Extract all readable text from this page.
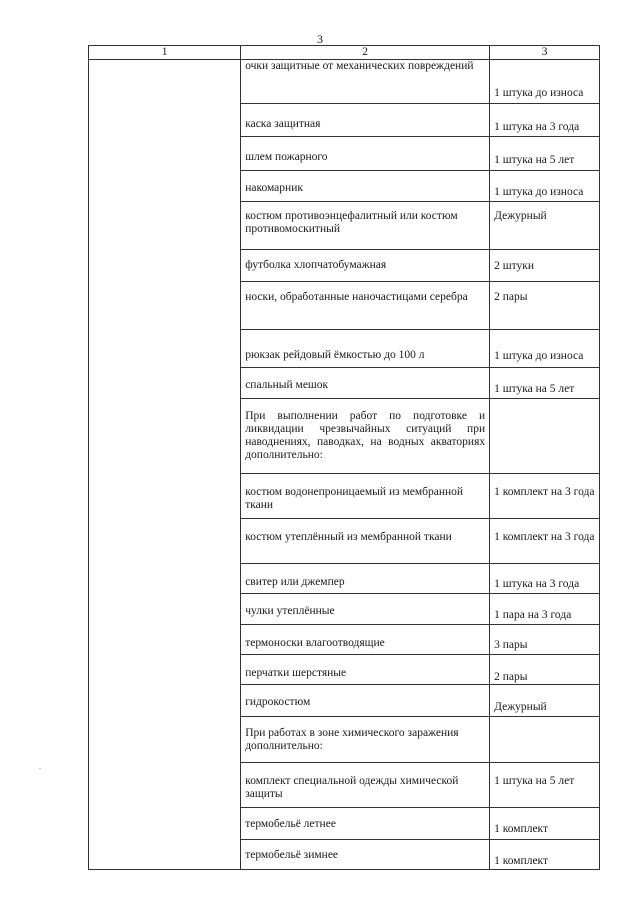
3
1	2	3
	очки защитные от механических повреждений	1 штука до износа
	каска защитная	1 штука на 3 года
	шлем пожарного	1 штука на 5 лет
	накомарник	1 штука до износа
	костюм противоэнцефалитный или костюм противомоскитный	Дежурный
	футболка хлопчатобумажная	2 штуки
	носки, обработанные наночастицами серебра	2 пары
	рюкзак рейдовый ёмкостью до 100 л	1 штука до износа
	спальный мешок	1 штука на 5 лет
	При выполнении работ по подготовке и ликвидации чрезвычайных ситуаций при наводнениях, паводках, на водных акваториях дополнительно:	
	костюм водонепроницаемый из мембранной ткани	1 комплект на 3 года
	костюм утеплённый из мембранной ткани	1 комплект на 3 года
	свитер или джемпер	1 штука на 3 года
	чулки утеплённые	1 пара на 3 года
	термоноски влагоотводящие	3 пары
	перчатки шерстяные	2 пары
	гидрокостюм	Дежурный
	При работах в зоне химического заражения дополнительно:	
	комплект специальной одежды химической защиты	1 штука на 5 лет
	термобельё летнее	1 комплект
	термобельё зимнее	1 комплект
